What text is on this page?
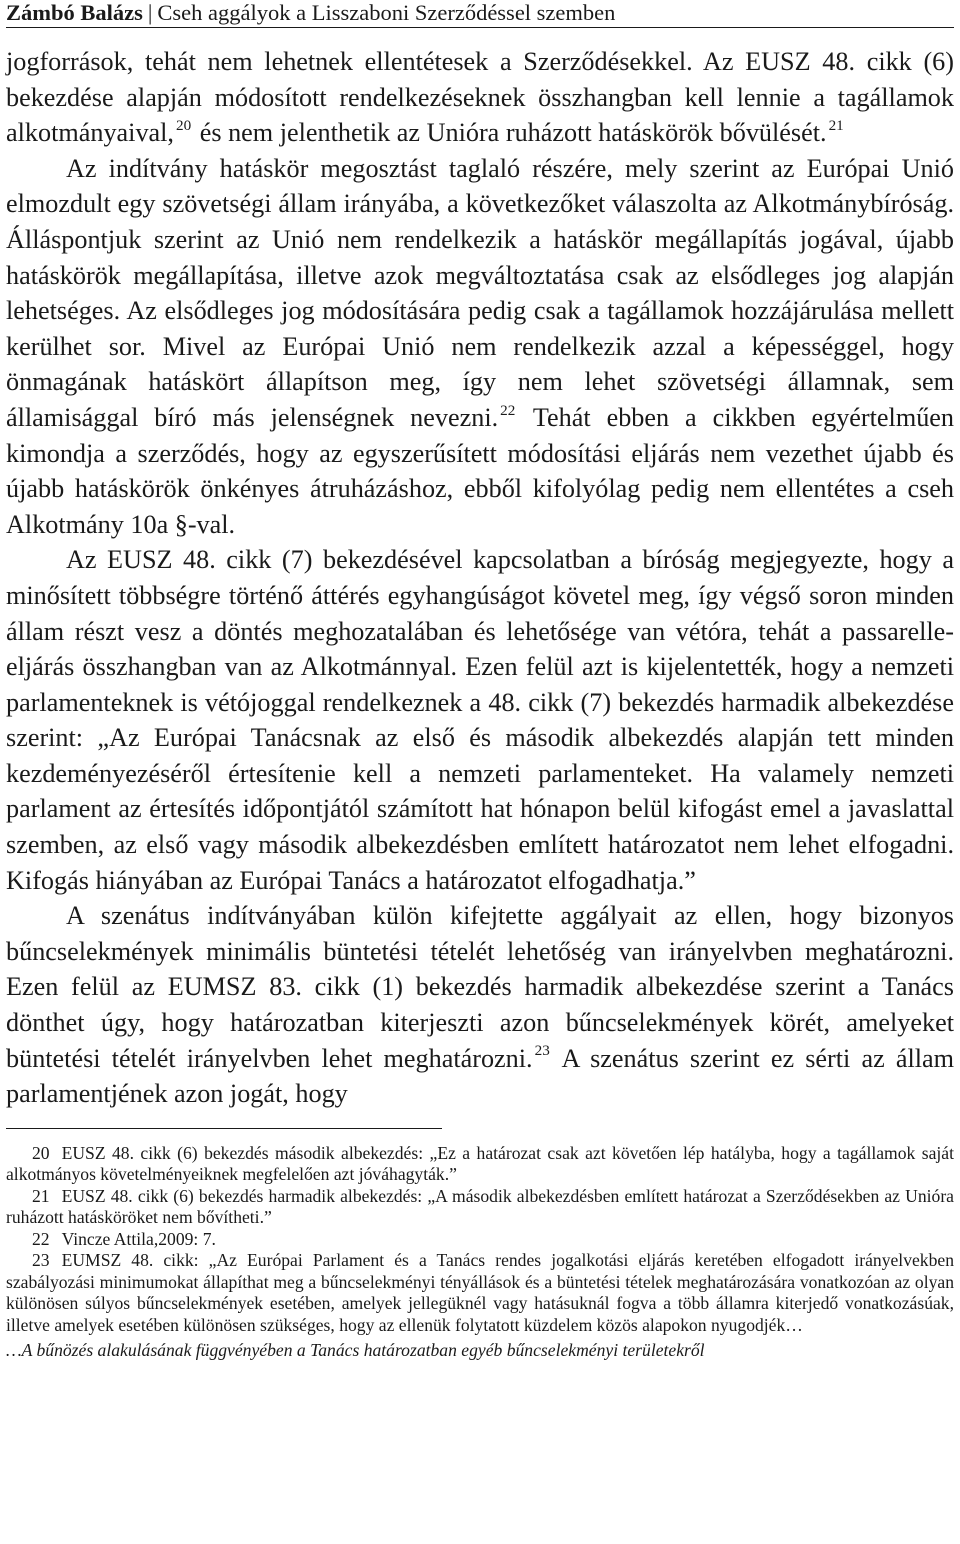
Zámbó Balázs | Cseh aggályok a Lisszaboni Szerződéssel szemben

jogforrások, tehát nem lehetnek ellentétesek a Szerződésekkel. Az EUSZ 48. cikk (6) bekezdése alapján módosított rendelkezéseknek összhangban kell lennie a tagállamok alkotmányaival, $^{20}$ és nem jelenthetik az Unióra ruházott hatáskörök bővülését. $^{21}$

Az indítvány hatáskör megosztást taglaló részére, mely szerint az Európai Unió elmozdult egy szövetségi állam irányába, a következőket válaszolta az Alkotmánybíróság. Álláspontjuk szerint az Unió nem rendelkezik a hatáskör megállapítás jogával, újabb hatáskörök megállapítása, illetve azok megváltoztatása csak az elsődleges jog alapján lehetséges. Az elsődleges jog módosítására pedig csak a tagállamok hozzájárulása mellett kerülhet sor. Mivel az Európai Unió nem rendelkezik azzal a képességgel, hogy önmagának hatáskört állapítson meg, így nem lehet szövetségi államnak, sem államisággal bíró más jelenségnek nevezni. $^{22}$ Tehát ebben a cikkben egyértelműen kimondja a szerződés, hogy az egyszerűsített módosítási eljárás nem vezethet újabb és újabb hatáskörök önkényes átruházáshoz, ebből kifolyólag pedig nem ellentétes a cseh Alkotmány 10a §-val.

Az EUSZ 48. cikk (7) bekezdésével kapcsolatban a bíróság megjegyezte, hogy a minősített többségre történő áttérés egyhangúságot követel meg, így végső soron minden állam részt vesz a döntés meghozatalában és lehetősége van vétóra, tehát a passarelle-eljárás összhangban van az Alkotmánnyal. Ezen felül azt is kijelentették, hogy a nemzeti parlamenteknek is vétójoggal rendelkeznek a 48. cikk (7) bekezdés harmadik albekezdése szerint: „Az Európai Tanácsnak az első és második albekezdés alapján tett minden kezdeményezéséről értesítenie kell a nemzeti parlamenteket. Ha valamely nemzeti parlament az értesítés időpontjától számított hat hónapon belül kifogást emel a javaslattal szemben, az első vagy második albekezdésben említett határozatot nem lehet elfogadni. Kifogás hiányában az Európai Tanács a határozatot elfogadhatja.”

A szenátus indítványában külön kifejtette aggályait az ellen, hogy bizonyos bűncselekmények minimális büntetési tételét lehetőség van irányelvben meghatározni. Ezen felül az EUMSZ 83. cikk (1) bekezdés harmadik albekezdése szerint a Tanács dönthet úgy, hogy határozatban kiterjeszti azon bűncselekmények körét, amelyeket büntetési tételét irányelvben lehet meghatározni. $^{23}$ A szenátus szerint ez sérti az állam parlamentjének azon jogát, hogy

20 EUSZ 48. cikk (6) bekezdés második albekezdés: „Ez a határozat csak azt követően lép hatályba, hogy a tagállamok saját alkotmányos követelményeiknek megfelelően azt jóváhagyták.”

21 EUSZ 48. cikk (6) bekezdés harmadik albekezdés: „A második albekezdésben említett határozat a Szerződésekben az Unióra ruházott hatásköröket nem bővítheti.”

22 Vincze Attila,2009: 7.

23 EUMSZ 48. cikk: „Az Európai Parlament és a Tanács rendes jogalkotási eljárás keretében elfogadott irányelvekben szabályozási minimumokat állapíthat meg a bűncselekményi tényállások és a büntetési tételek meghatározására vonatkozóan az olyan különösen súlyos bűncselekmények esetében, amelyek jellegüknél vagy hatásuknál fogva a több államra kiterjedő vonatkozásúak, illetve amelyek esetében különösen szükséges, hogy az ellenük folytatott küzdelem közös alapokon nyugodjék…

…A bűnözés alakulásának függvényében a Tanács határozatban egyéb bűncselekményi területekről
